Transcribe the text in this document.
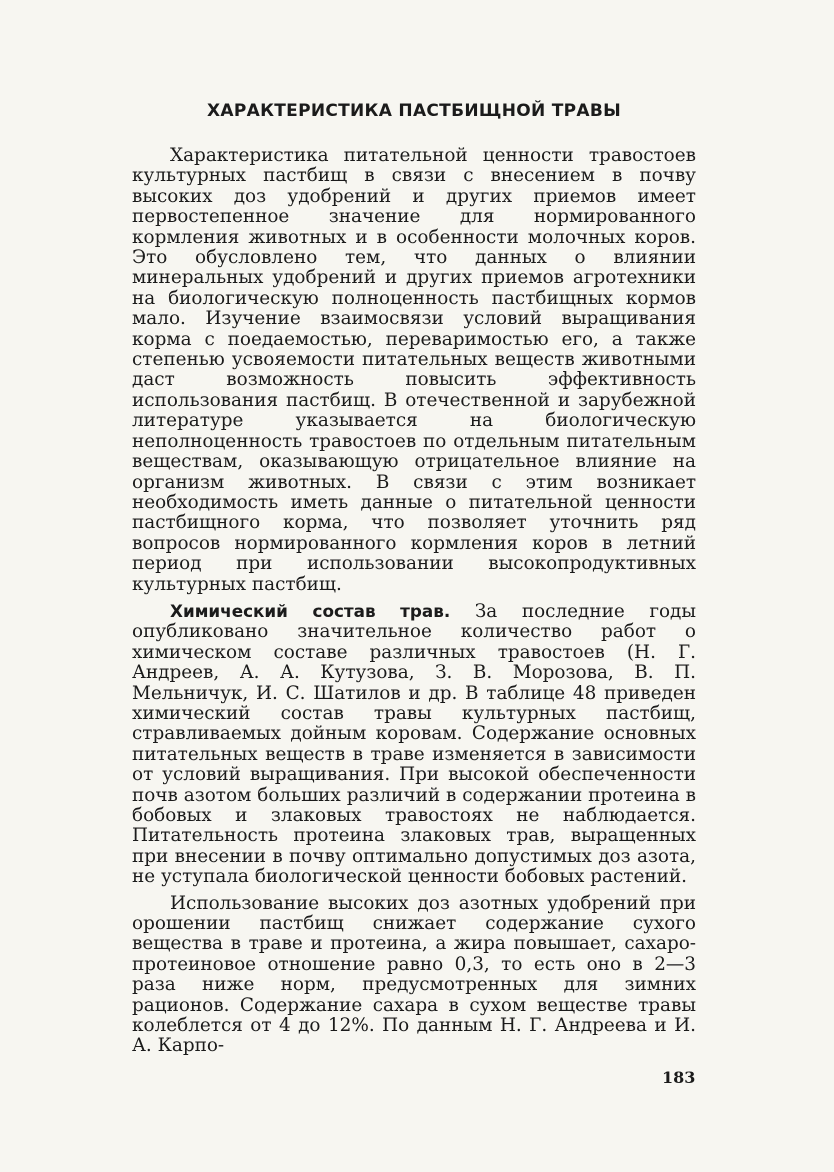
ХАРАКТЕРИСТИКА ПАСТБИЩНОЙ ТРАВЫ

Характеристика питательной ценности травостоев культурных пастбищ в связи с внесением в почву высоких доз удобрений и других приемов имеет первостепенное значение для нормированного кормления животных и в особенности молочных коров. Это обусловлено тем, что данных о влиянии минеральных удобрений и других приемов агротехники на биологическую полноценность пастбищных кормов мало. Изучение взаимосвязи условий выращивания корма с поедаемостью, переваримостью его, а также степенью усвояемости питательных веществ животными даст возможность повысить эффективность использования пастбищ. В отечественной и зарубежной литературе указывается на биологическую неполноценность травостоев по отдельным питательным веществам, оказывающую отрицательное влияние на организм животных. В связи с этим возникает необходимость иметь данные о питательной ценности пастбищного корма, что позволяет уточнить ряд вопросов нормированного кормления коров в летний период при использовании высокопродуктивных культурных пастбищ.

Химический состав трав. За последние годы опубликовано значительное количество работ о химическом составе различных травостоев (Н. Г. Андреев, А. А. Кутузова, З. В. Морозова, В. П. Мельничук, И. С. Шатилов и др. В таблице 48 приведен химический состав травы культурных пастбищ, стравливаемых дойным коровам. Содержание основных питательных веществ в траве изменяется в зависимости от условий выращивания. При высокой обеспеченности почв азотом больших различий в содержании протеина в бобовых и злаковых травостоях не наблюдается. Питательность протеина злаковых трав, выращенных при внесении в почву оптимально допустимых доз азота, не уступала биологической ценности бобовых растений.

Использование высоких доз азотных удобрений при орошении пастбищ снижает содержание сухого вещества в траве и протеина, а жира повышает, сахаро-протеиновое отношение равно 0,3, то есть оно в 2—3 раза ниже норм, предусмотренных для зимних рационов. Содержание сахара в сухом веществе травы колеблется от 4 до 12%. По данным Н. Г. Андреева и И. А. Карпо-

183
